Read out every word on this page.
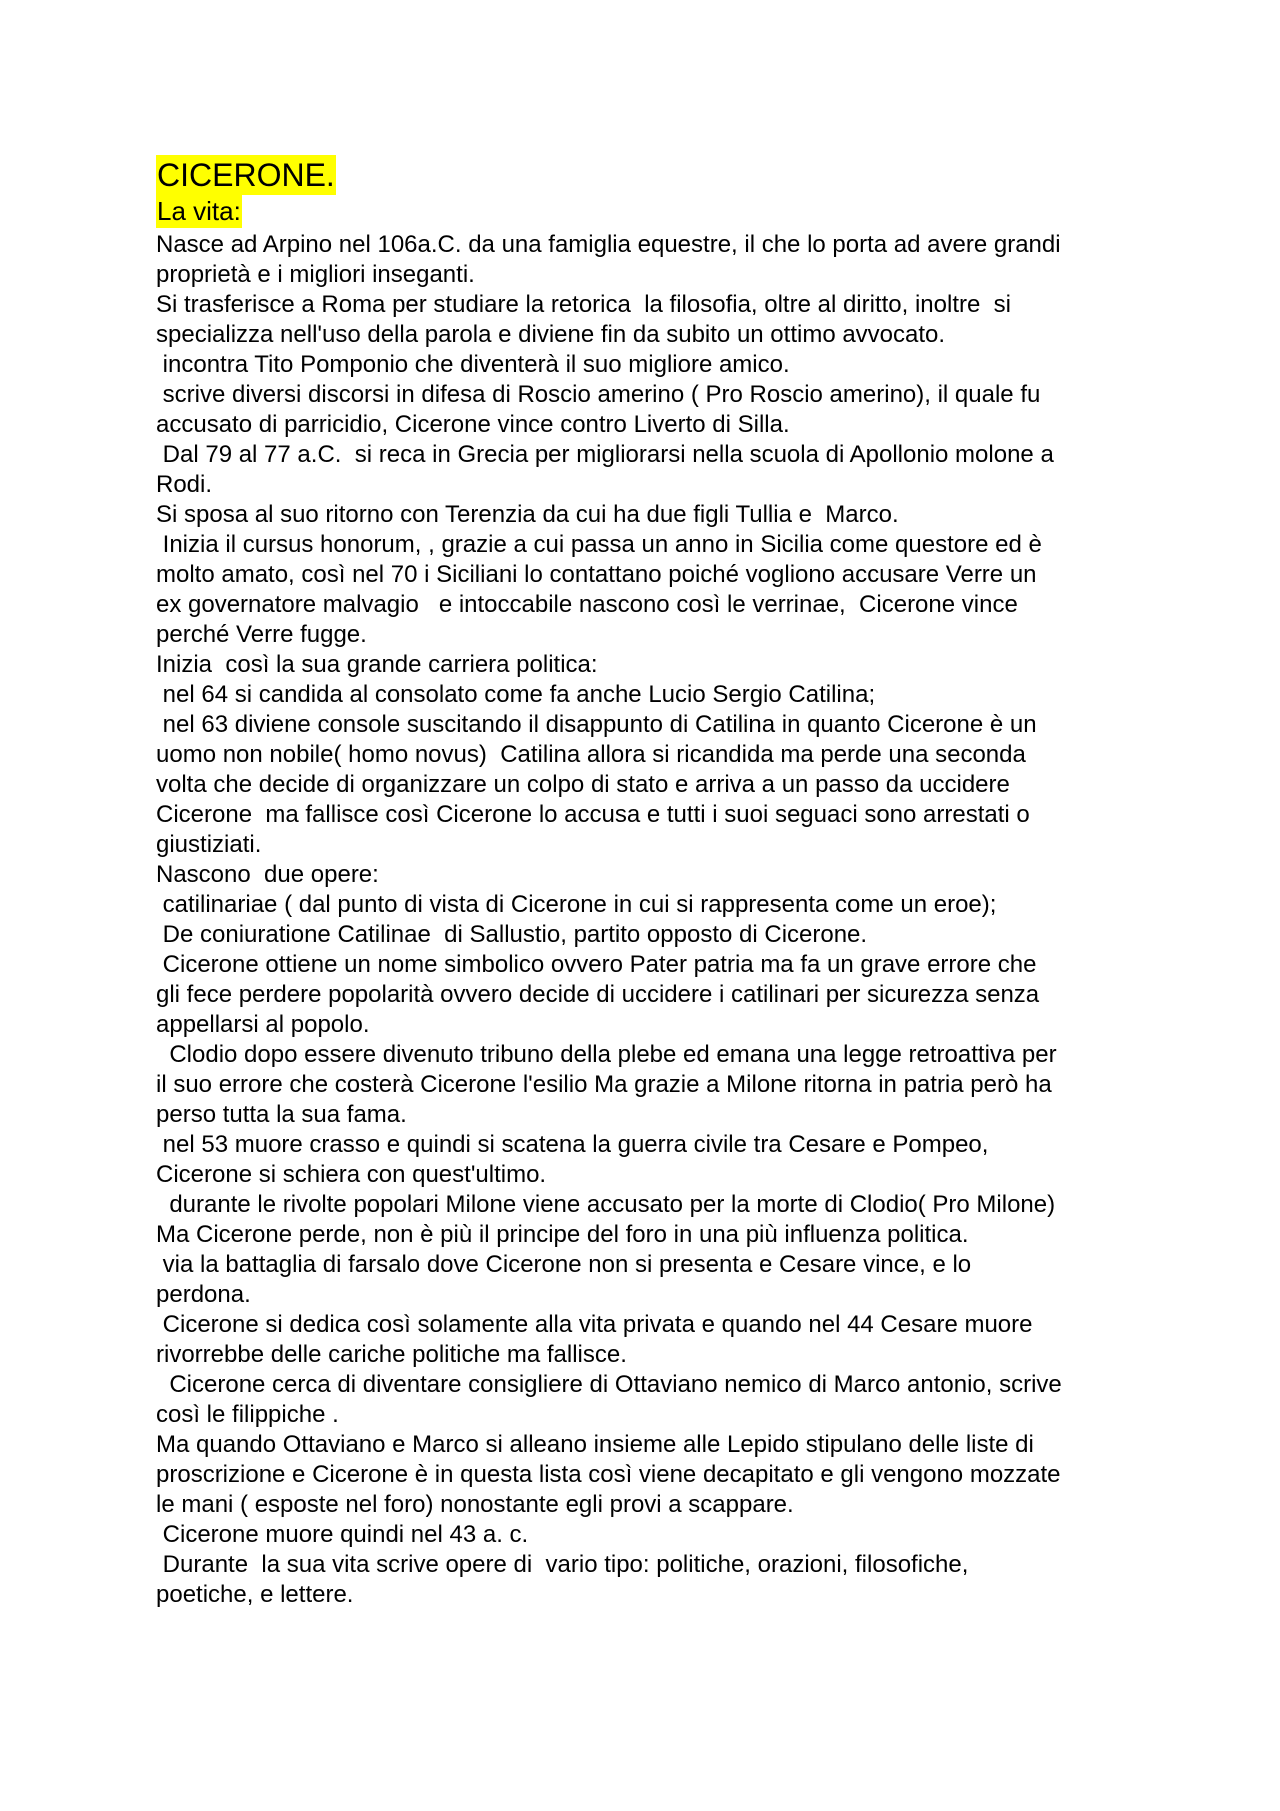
CICERONE.
La vita:
Nasce ad Arpino nel 106a.C. da una famiglia equestre, il che lo porta ad avere grandi
proprietà e i migliori inseganti.
Si trasferisce a Roma per studiare la retorica  la filosofia, oltre al diritto, inoltre  si
specializza nell'uso della parola e diviene fin da subito un ottimo avvocato.
incontra Tito Pomponio che diventerà il suo migliore amico.
scrive diversi discorsi in difesa di Roscio amerino ( Pro Roscio amerino), il quale fu
accusato di parricidio, Cicerone vince contro Liverto di Silla.
Dal 79 al 77 a.C.  si reca in Grecia per migliorarsi nella scuola di Apollonio molone a
Rodi.
Si sposa al suo ritorno con Terenzia da cui ha due figli Tullia e  Marco.
Inizia il cursus honorum, , grazie a cui passa un anno in Sicilia come questore ed è
molto amato, così nel 70 i Siciliani lo contattano poiché vogliono accusare Verre un
ex governatore malvagio   e intoccabile nascono così le verrinae,  Cicerone vince
perché Verre fugge.
Inizia  così la sua grande carriera politica:
nel 64 si candida al consolato come fa anche Lucio Sergio Catilina;
nel 63 diviene console suscitando il disappunto di Catilina in quanto Cicerone è un
uomo non nobile( homo novus)  Catilina allora si ricandida ma perde una seconda
volta che decide di organizzare un colpo di stato e arriva a un passo da uccidere
Cicerone  ma fallisce così Cicerone lo accusa e tutti i suoi seguaci sono arrestati o
giustiziati.
Nascono  due opere:
catilinariae ( dal punto di vista di Cicerone in cui si rappresenta come un eroe);
De coniuratione Catilinae  di Sallustio, partito opposto di Cicerone.
Cicerone ottiene un nome simbolico ovvero Pater patria ma fa un grave errore che
gli fece perdere popolarità ovvero decide di uccidere i catilinari per sicurezza senza
appellarsi al popolo.
Clodio dopo essere divenuto tribuno della plebe ed emana una legge retroattiva per
il suo errore che costerà Cicerone l'esilio Ma grazie a Milone ritorna in patria però ha
perso tutta la sua fama.
nel 53 muore crasso e quindi si scatena la guerra civile tra Cesare e Pompeo,
Cicerone si schiera con quest'ultimo.
durante le rivolte popolari Milone viene accusato per la morte di Clodio( Pro Milone)
Ma Cicerone perde, non è più il principe del foro in una più influenza politica.
via la battaglia di farsalo dove Cicerone non si presenta e Cesare vince, e lo
perdona.
Cicerone si dedica così solamente alla vita privata e quando nel 44 Cesare muore
rivorrebbe delle cariche politiche ma fallisce.
Cicerone cerca di diventare consigliere di Ottaviano nemico di Marco antonio, scrive
così le filippiche .
Ma quando Ottaviano e Marco si alleano insieme alle Lepido stipulano delle liste di
proscrizione e Cicerone è in questa lista così viene decapitato e gli vengono mozzate
le mani ( esposte nel foro) nonostante egli provi a scappare.
Cicerone muore quindi nel 43 a. c.
Durante  la sua vita scrive opere di  vario tipo: politiche, orazioni, filosofiche,
poetiche, e lettere.
